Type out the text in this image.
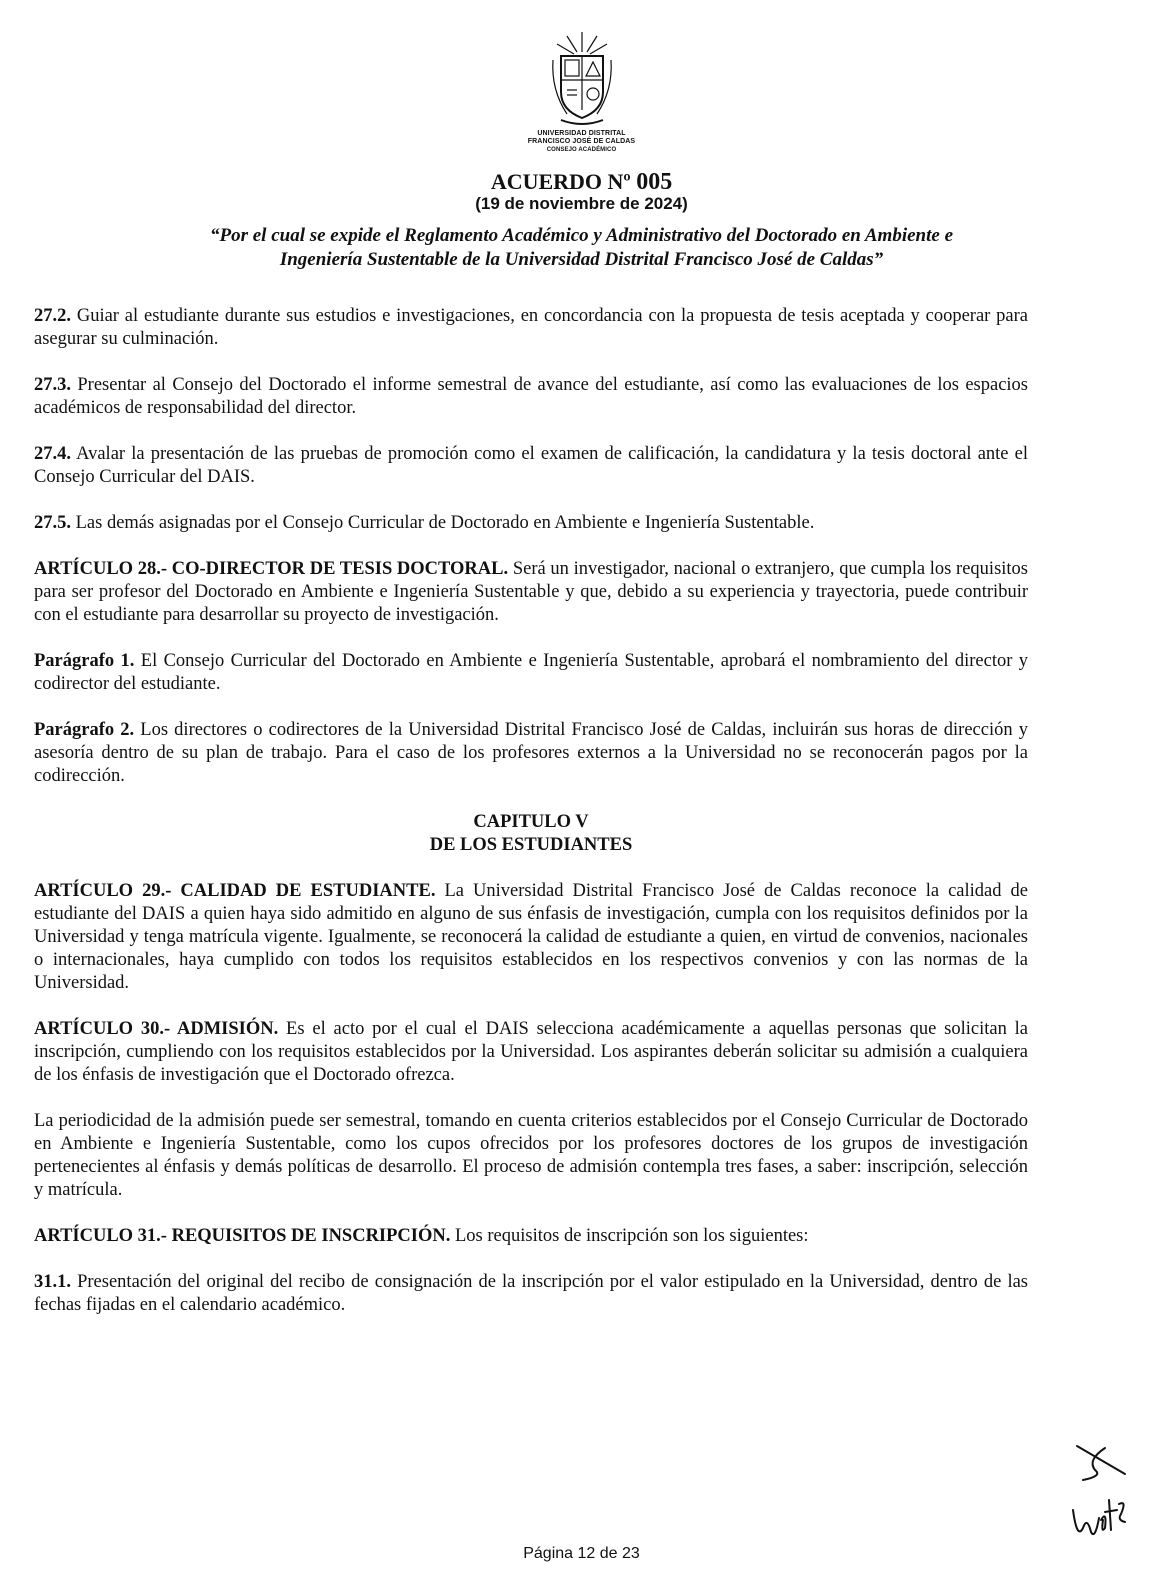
UNIVERSIDAD DISTRITAL
FRANCISCO JOSÉ DE CALDAS
CONSEJO ACADÉMICO
ACUERDO Nº 005
(19 de noviembre de 2024)
“Por el cual se expide el Reglamento Académico y Administrativo del Doctorado en Ambiente e
Ingeniería Sustentable de la Universidad Distrital Francisco José de Caldas”

27.2. Guiar al estudiante durante sus estudios e investigaciones, en concordancia con la propuesta de tesis aceptada y cooperar para asegurar su culminación.

27.3. Presentar al Consejo del Doctorado el informe semestral de avance del estudiante, así como las evaluaciones de los espacios académicos de responsabilidad del director.

27.4. Avalar la presentación de las pruebas de promoción como el examen de calificación, la candidatura y la tesis doctoral ante el Consejo Curricular del DAIS.

27.5. Las demás asignadas por el Consejo Curricular de Doctorado en Ambiente e Ingeniería Sustentable.

ARTÍCULO 28.- CO-DIRECTOR DE TESIS DOCTORAL. Será un investigador, nacional o extranjero, que cumpla los requisitos para ser profesor del Doctorado en Ambiente e Ingeniería Sustentable y que, debido a su experiencia y trayectoria, puede contribuir con el estudiante para desarrollar su proyecto de investigación.

Parágrafo 1. El Consejo Curricular del Doctorado en Ambiente e Ingeniería Sustentable, aprobará el nombramiento del director y codirector del estudiante.

Parágrafo 2. Los directores o codirectores de la Universidad Distrital Francisco José de Caldas, incluirán sus horas de dirección y asesoría dentro de su plan de trabajo. Para el caso de los profesores externos a la Universidad no se reconocerán pagos por la codirección.

CAPITULO V
DE LOS ESTUDIANTES

ARTÍCULO 29.- CALIDAD DE ESTUDIANTE. La Universidad Distrital Francisco José de Caldas reconoce la calidad de estudiante del DAIS a quien haya sido admitido en alguno de sus énfasis de investigación, cumpla con los requisitos definidos por la Universidad y tenga matrícula vigente. Igualmente, se reconocerá la calidad de estudiante a quien, en virtud de convenios, nacionales o internacionales, haya cumplido con todos los requisitos establecidos en los respectivos convenios y con las normas de la Universidad.

ARTÍCULO 30.- ADMISIÓN. Es el acto por el cual el DAIS selecciona académicamente a aquellas personas que solicitan la inscripción, cumpliendo con los requisitos establecidos por la Universidad. Los aspirantes deberán solicitar su admisión a cualquiera de los énfasis de investigación que el Doctorado ofrezca.

La periodicidad de la admisión puede ser semestral, tomando en cuenta criterios establecidos por el Consejo Curricular de Doctorado en Ambiente e Ingeniería Sustentable, como los cupos ofrecidos por los profesores doctores de los grupos de investigación pertenecientes al énfasis y demás políticas de desarrollo. El proceso de admisión contempla tres fases, a saber: inscripción, selección y matrícula.

ARTÍCULO 31.- REQUISITOS DE INSCRIPCIÓN. Los requisitos de inscripción son los siguientes:

31.1. Presentación del original del recibo de consignación de la inscripción por el valor estipulado en la Universidad, dentro de las fechas fijadas en el calendario académico.

Página 12 de 23
